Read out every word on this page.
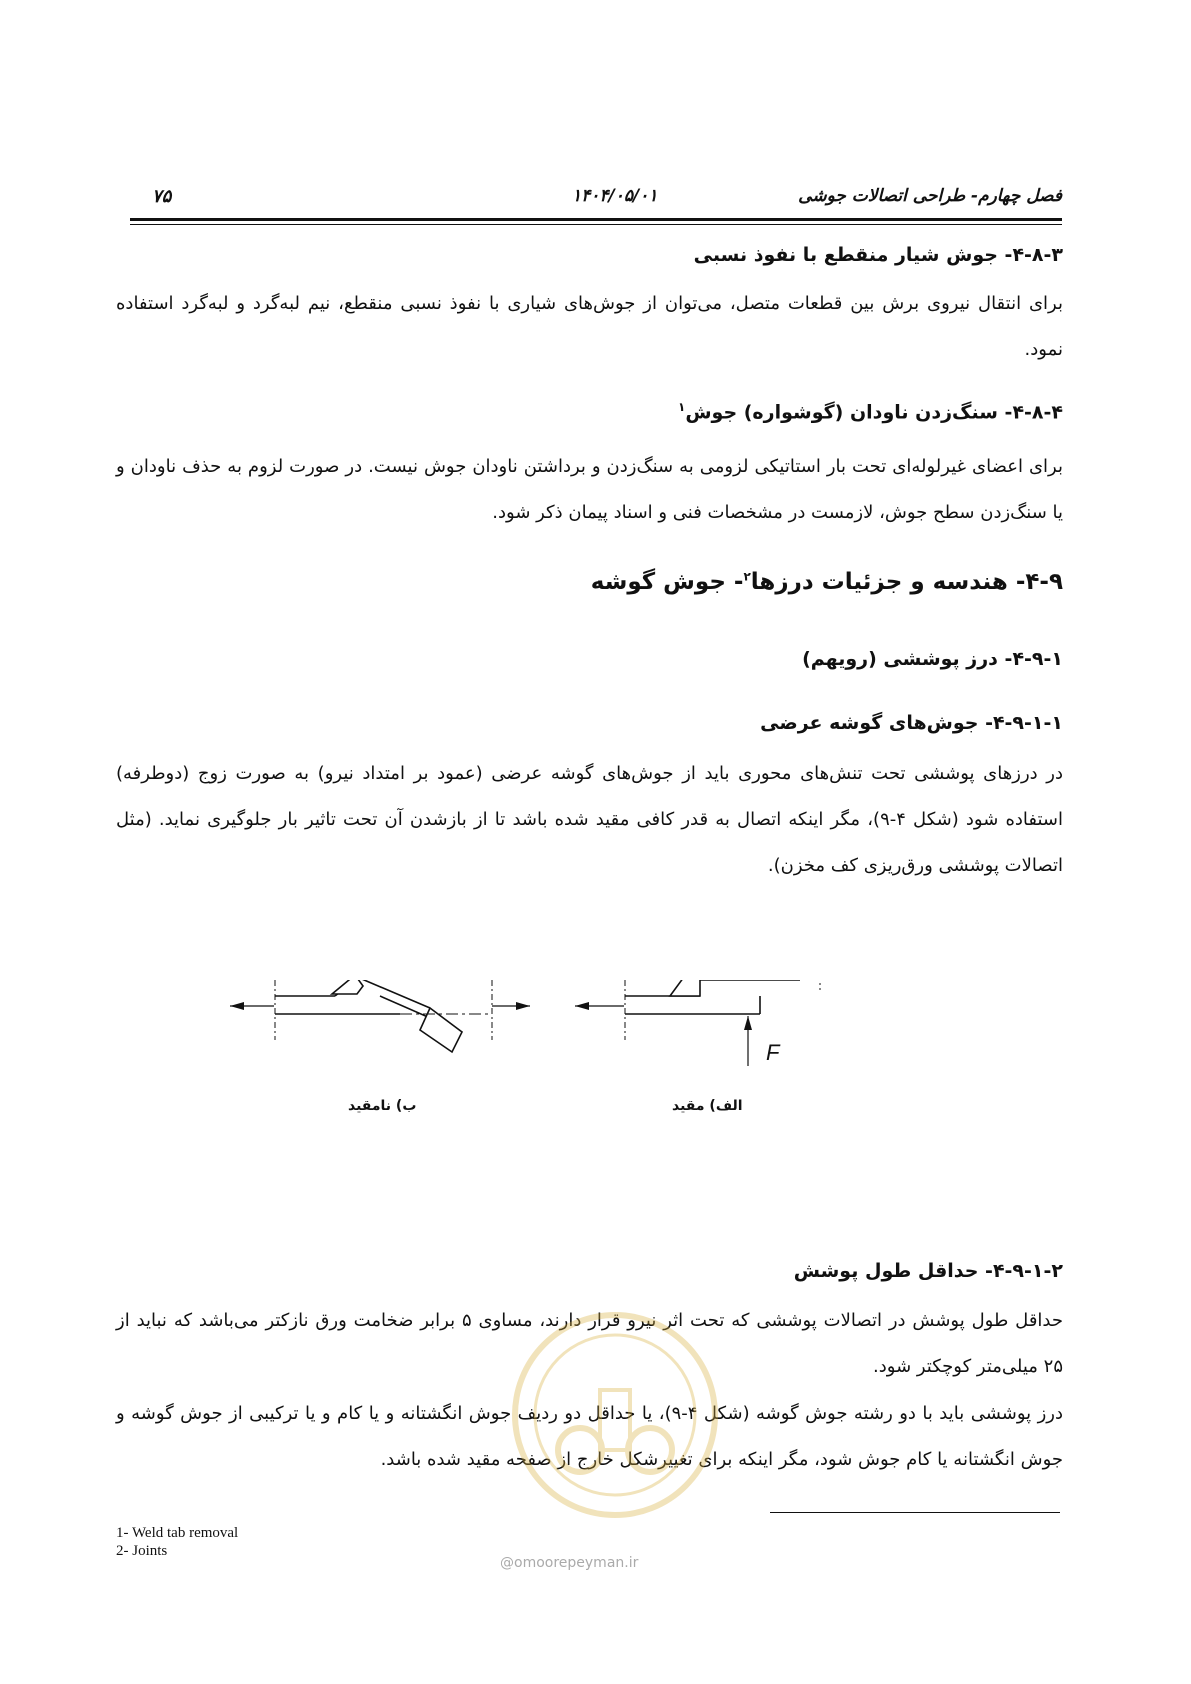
فصل چهارم- طراحی اتصالات جوشی
۱۴۰۴/۰۵/۰۱
۷۵
۴-۸-۳- جوش شیار منقطع با نفوذ نسبی
برای انتقال نیروی برش بین قطعات متصل، می‌توان از جوش‌های شیاری با نفوذ نسبی منقطع، نیم لبه‌گرد و لبه‌گرد استفاده نمود.
۴-۸-۴- سنگ‌زدن ناودان (گوشواره) جوش$^۱$
برای اعضای غیرلوله‌ای تحت بار استاتیکی لزومی به سنگ‌زدن و برداشتن ناودان جوش نیست. در صورت لزوم به حذف ناودان و یا سنگ‌زدن سطح جوش، لازمست در مشخصات فنی و اسناد پیمان ذکر شود.
۴-۹- هندسه و جزئیات درزها$^۲$- جوش گوشه
۴-۹-۱- درز پوششی (رویهم)
۴-۹-۱-۱- جوش‌های گوشه عرضی
در درزهای پوششی تحت تنش‌های محوری باید از جوش‌های گوشه عرضی (عمود بر امتداد نیرو) به صورت زوج (دوطرفه) استفاده شود (شکل ۴-۹)، مگر اینکه اتصال به قدر کافی مقید شده باشد تا از بازشدن آن تحت تاثیر بار جلوگیری نماید. (مثل اتصالات پوششی ورق‌ریزی کف مخزن).
F
ب) نامقید	الف) مقید
۴-۹-۱-۲- حداقل طول پوشش
حداقل طول پوشش در اتصالات پوششی که تحت اثر نیرو قرار دارند، مساوی ۵ برابر ضخامت ورق نازکتر می‌باشد که نباید از ۲۵ میلی‌متر کوچکتر شود.
درز پوششی باید با دو رشته جوش گوشه (شکل ۴-۹)، یا حداقل دو ردیف جوش انگشتانه و یا کام و یا ترکیبی از جوش گوشه و جوش انگشتانه یا کام جوش شود، مگر اینکه برای تغییرشکل خارج از صفحه مقید شده باشد.
@omoorepeyman.ir
1- Weld tab removal
2- Joints
